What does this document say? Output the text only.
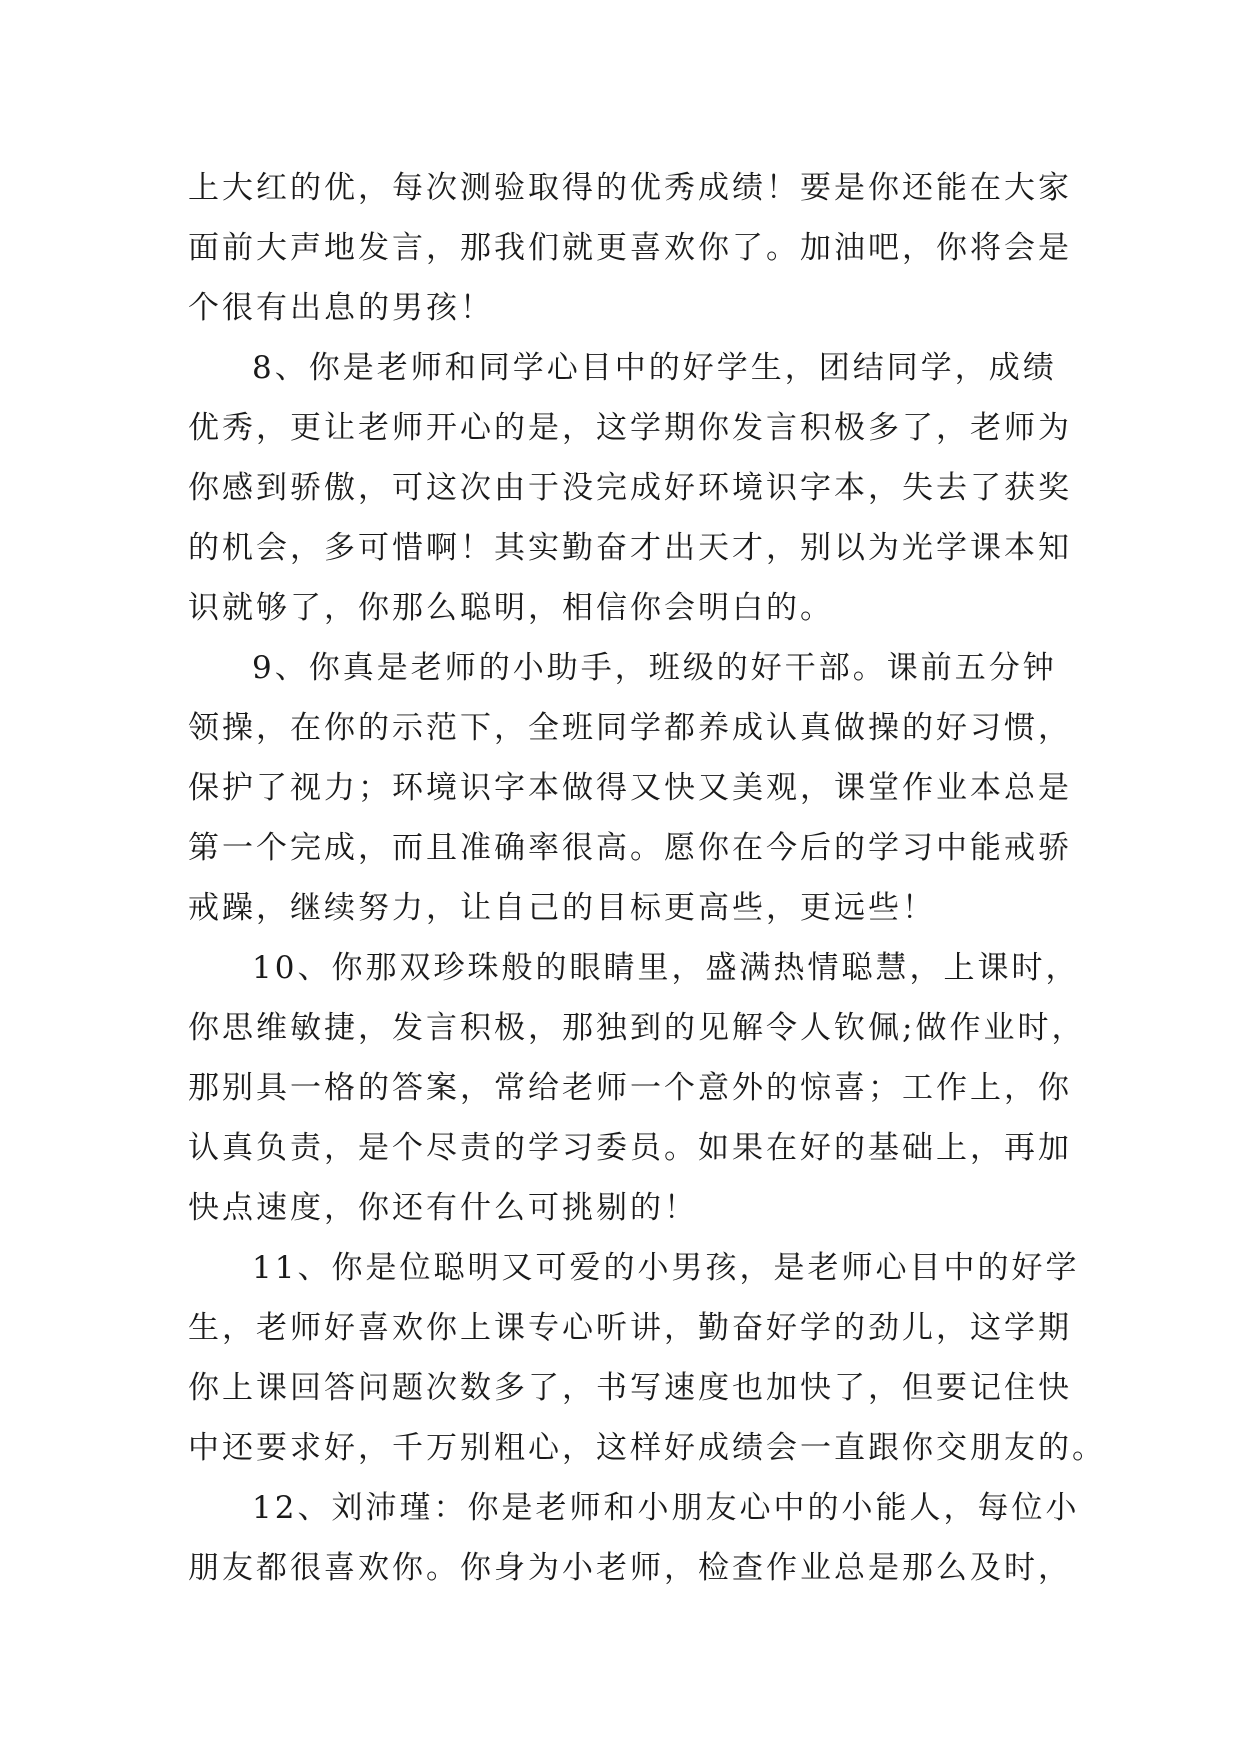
上大红的优，每次测验取得的优秀成绩！要是你还能在大家
面前大声地发言，那我们就更喜欢你了。加油吧，你将会是
个很有出息的男孩！
8、你是老师和同学心目中的好学生，团结同学，成绩
优秀，更让老师开心的是，这学期你发言积极多了，老师为
你感到骄傲，可这次由于没完成好环境识字本，失去了获奖
的机会，多可惜啊！其实勤奋才出天才，别以为光学课本知
识就够了，你那么聪明，相信你会明白的。
9、你真是老师的小助手，班级的好干部。课前五分钟
领操，在你的示范下，全班同学都养成认真做操的好习惯，
保护了视力；环境识字本做得又快又美观，课堂作业本总是
第一个完成，而且准确率很高。愿你在今后的学习中能戒骄
戒躁，继续努力，让自己的目标更高些，更远些！
10、你那双珍珠般的眼睛里，盛满热情聪慧，上课时，
你思维敏捷，发言积极，那独到的见解令人钦佩;做作业时，
那别具一格的答案，常给老师一个意外的惊喜；工作上，你
认真负责，是个尽责的学习委员。如果在好的基础上，再加
快点速度，你还有什么可挑剔的！
11、你是位聪明又可爱的小男孩，是老师心目中的好学
生，老师好喜欢你上课专心听讲，勤奋好学的劲儿，这学期
你上课回答问题次数多了，书写速度也加快了，但要记住快
中还要求好，千万别粗心，这样好成绩会一直跟你交朋友的。
12、刘沛瑾：你是老师和小朋友心中的小能人，每位小
朋友都很喜欢你。你身为小老师，检查作业总是那么及时，
